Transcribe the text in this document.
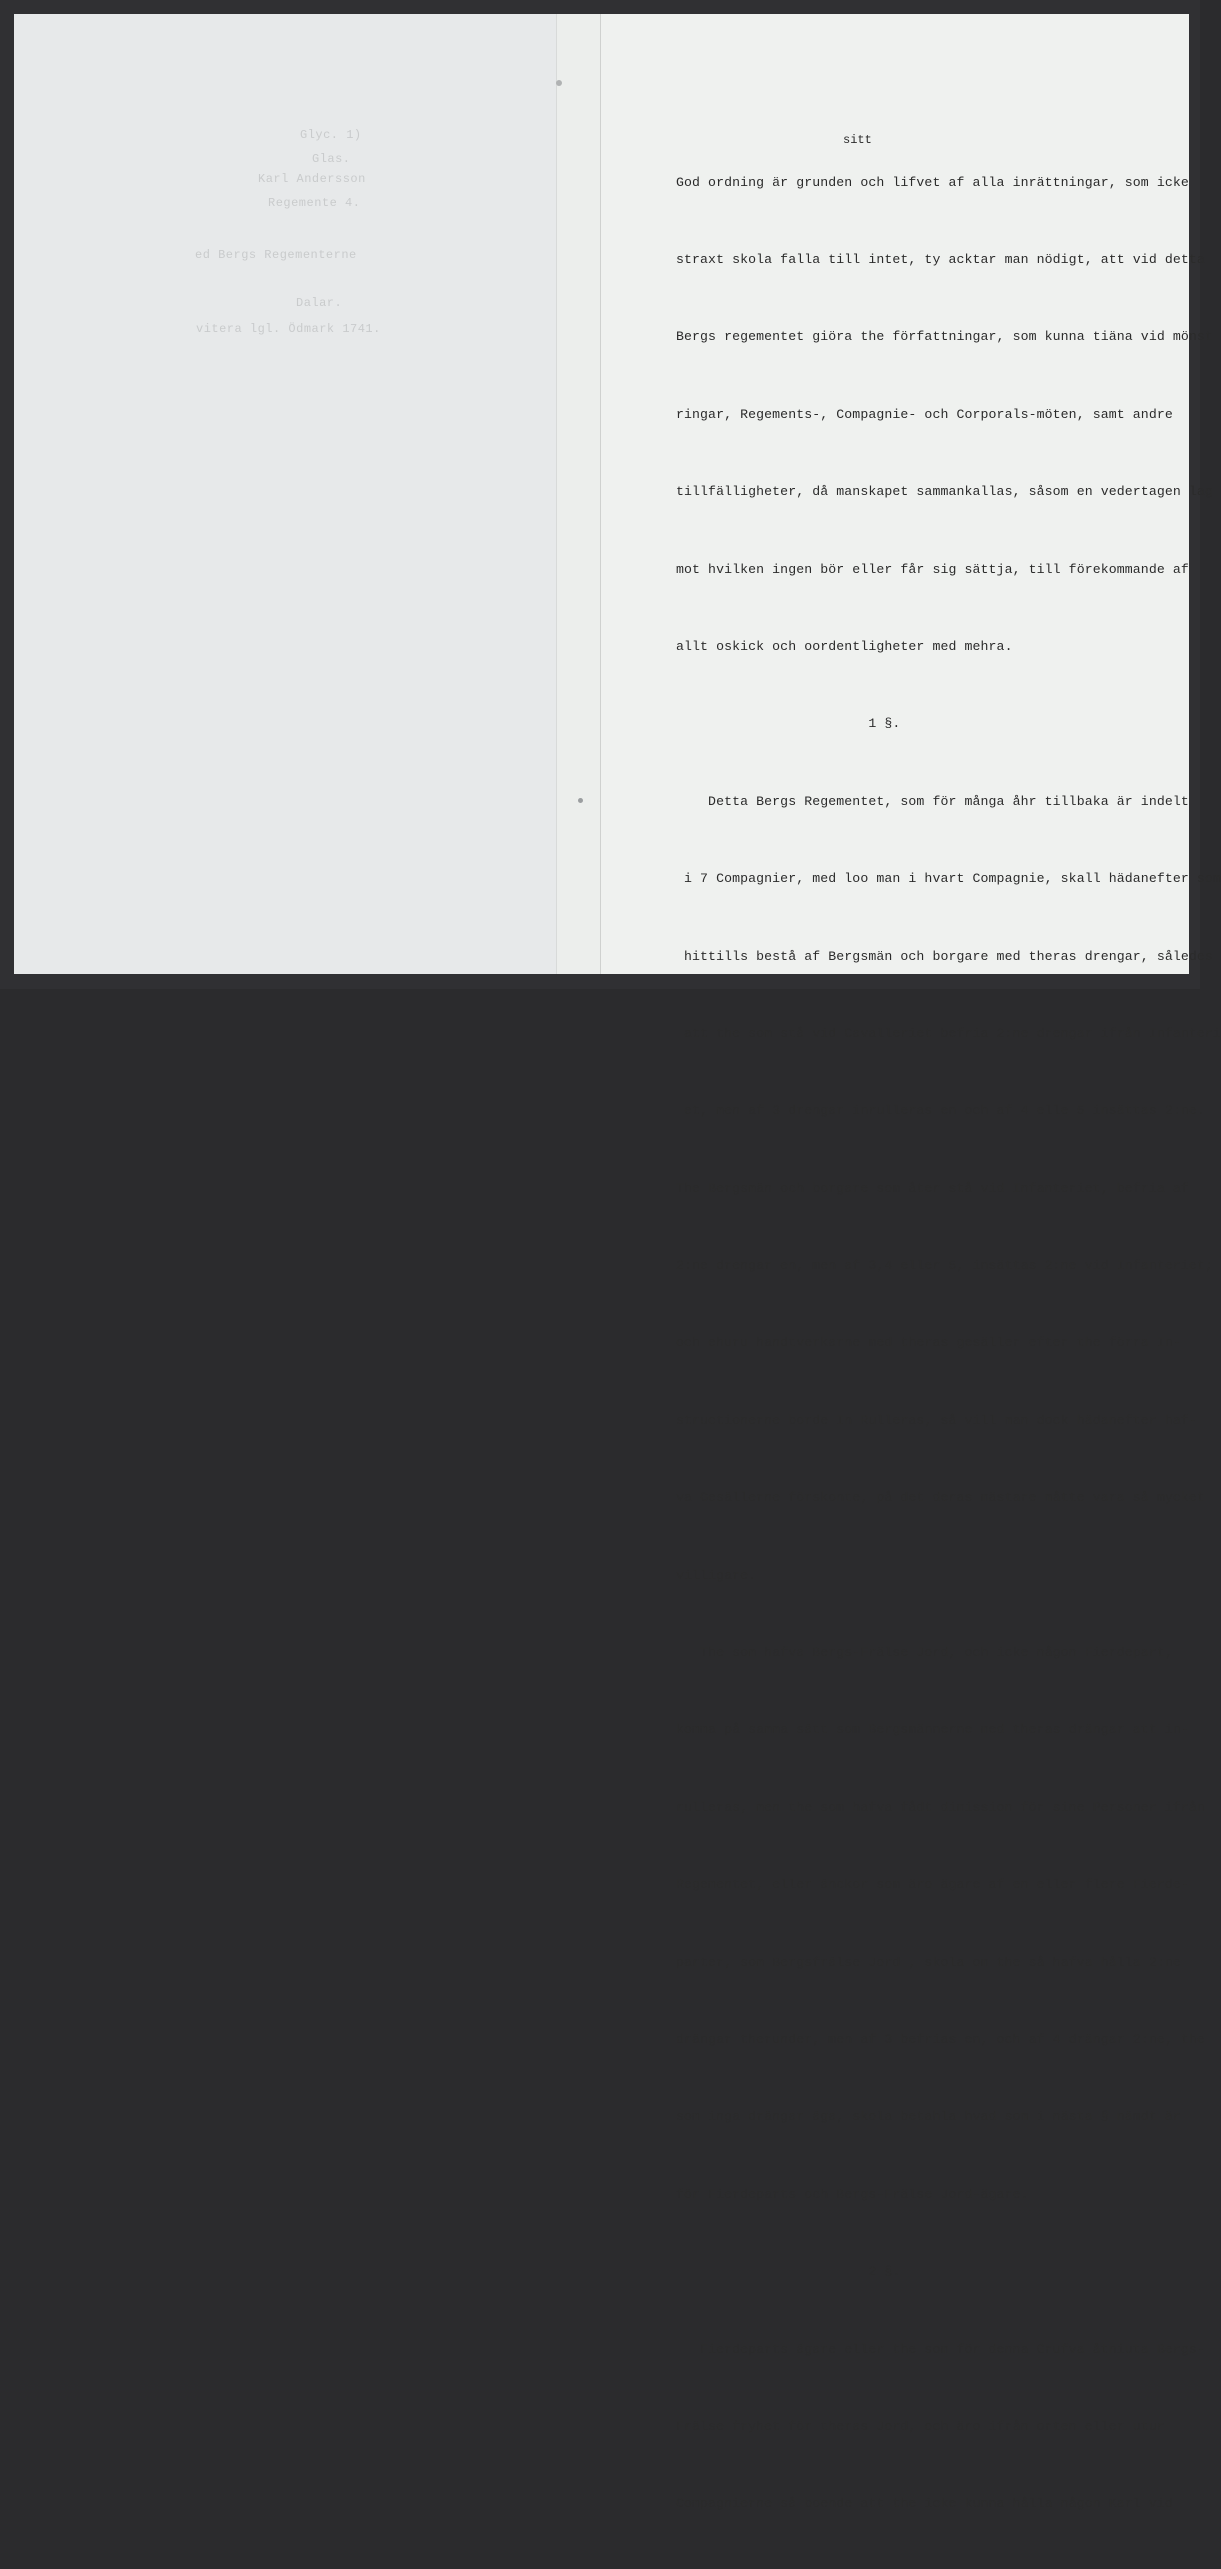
Glyc. 1)
Glas.
Karl Andersson
Regemente 4.
ed Bergs Regementerne
Dalar.
vitera lgl. Ödmark 1741.
sitt

God ordning är grunden och lifvet af alla inrättningar, som icke

straxt skola falla till intet, ty acktar man nödigt, att vid detta

Bergs regementet giöra the författningar, som kunna tiäna vid mönst

ringar, Regements-, Compagnie- och Corporals-möten, samt andre

tillfälligheter, då manskapet sammankallas, såsom en vedertagen lag

mot hvilken ingen bör eller får sig sättja, till förekommande af

allt oskick och oordentligheter med mehra.

1 §.

Detta Bergs Regementet, som för många åhr tillbaka är indelt

i 7 Compagnier, med loo man i hvart Compagnie, skall hädanefter som

hittills bestå af Bergsmän och borgare med theras drengar, således

att the som stå vid Cavalleriet befria 2:ne drengar ifrån Infanteri

et, men af 3 drengar inrulleras en och af 4 elle 5 insättas 2:ne.

The Bergsmän och borgare som åter stå vid Infanteriet, befria af

2:ne drengar en, men af 3,4 eller 5, insättas 2:ne vid Infanteriet;

och ehuru handtverkarne med theras gesäller efter the förra In-

structionerne borde In Rulleras, så vill man dock hädanefter haf-

va Gesällerne förskonte, på det deras mästare måtte vara så mycket

villigare.

The som hafva Bergs-Frälse Jord, och icke någon Fierdepart,

komma på samma sätt som Bergsmännerne med theras drängar att in-

rulleras, men the som hafva fådt dimission för sine Personer ifrån

Regementet, eller änckor som äro ägare af en eller flere Fierde-

parter, som Bergsfrälse Jord , skola om the så hafva hålla 2:ne

drängar therunder, men af 3 befrias en, och af 4 drängar 2:ne, the

som inga drängar äga, skola betahla hvad som i nästa § nämdt är

för Fierdeparts och Bergs-Frälse Jord-ägare.

2 §.

Fierdeparts ägare eller the som för denna Grufva åtniuta Bergs-

Frälse fryhet för theras Jord, och äro ifrån orten eller utur

Compagnierne så boende att the icke kunna hålla någon Karl vid
